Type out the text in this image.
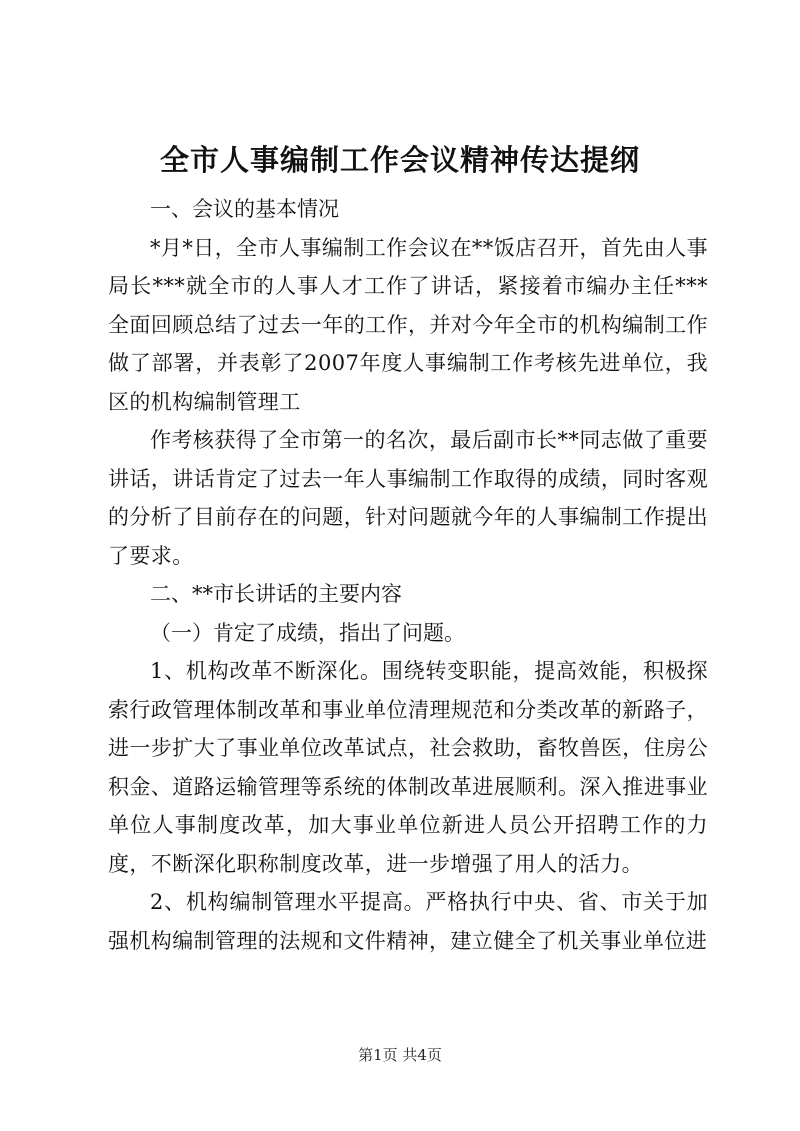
全市人事编制工作会议精神传达提纲

一、会议的基本情况

*月*日，全市人事编制工作会议在**饭店召开，首先由人事局长***就全市的人事人才工作了讲话，紧接着市编办主任***全面回顾总结了过去一年的工作，并对今年全市的机构编制工作做了部署，并表彰了2007年度人事编制工作考核先进单位，我区的机构编制管理工

作考核获得了全市第一的名次，最后副市长**同志做了重要讲话，讲话肯定了过去一年人事编制工作取得的成绩，同时客观的分析了目前存在的问题，针对问题就今年的人事编制工作提出了要求。

二、**市长讲话的主要内容

（一）肯定了成绩，指出了问题。

1、机构改革不断深化。围绕转变职能，提高效能，积极探索行政管理体制改革和事业单位清理规范和分类改革的新路子，进一步扩大了事业单位改革试点，社会救助，畜牧兽医，住房公积金、道路运输管理等系统的体制改革进展顺利。深入推进事业单位人事制度改革，加大事业单位新进人员公开招聘工作的力度，不断深化职称制度改革，进一步增强了用人的活力。

2、机构编制管理水平提高。严格执行中央、省、市关于加强机构编制管理的法规和文件精神，建立健全了机关事业单位进

第1页 共4页
